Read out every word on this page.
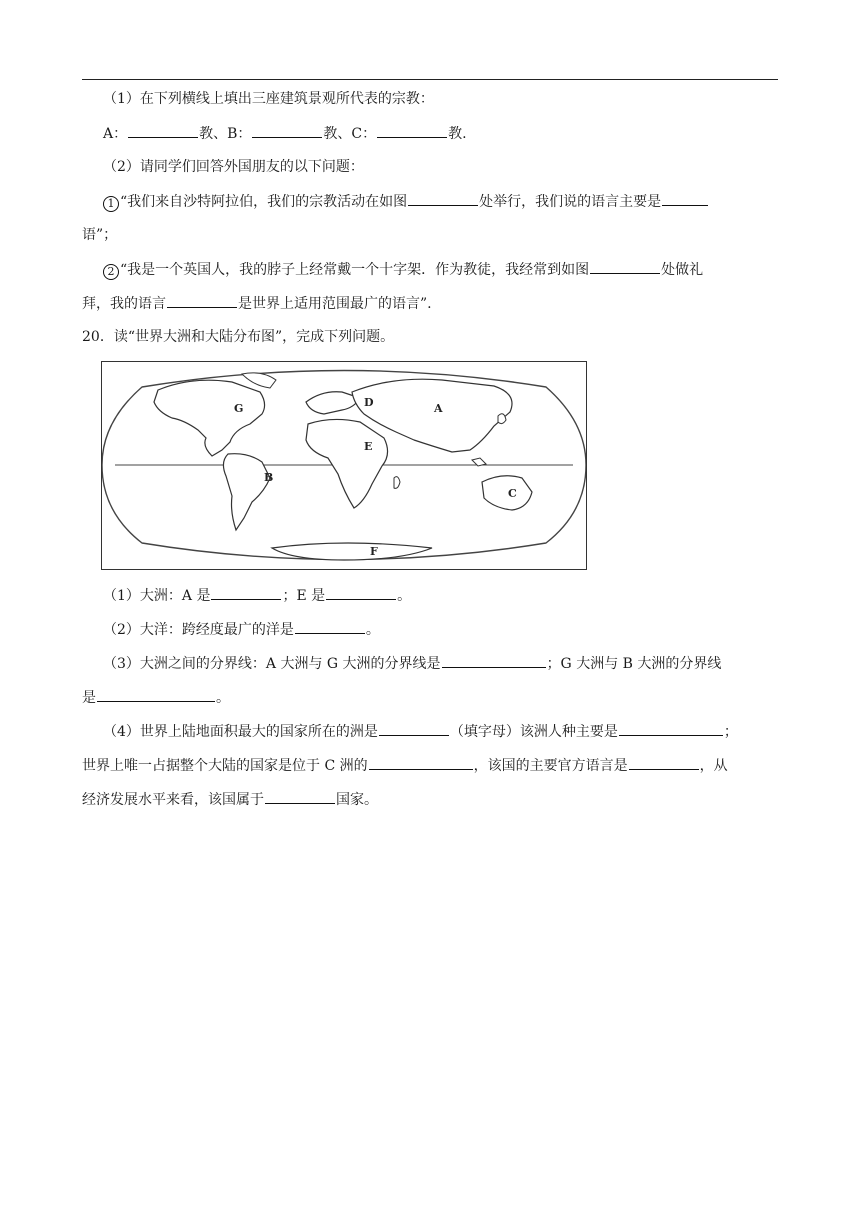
（1）在下列横线上填出三座建筑景观所代表的宗教：
A：	教、B：	教、C：	教.
（2）请同学们回答外国朋友的以下问题：
1 “我们来自沙特阿拉伯，我们的宗教活动在如图	处举行，我们说的语言主要是
语”；
2 “我是一个英国人，我的脖子上经常戴一个十字架．作为教徒，我经常到如图	处做礼
拜，我的语言	是世界上适用范围最广的语言”.
20．读“世界大洲和大陆分布图”，完成下列问题。
G	D	A
E
B
C
F
（1）大洲：A 是	；E 是	。
（2）大洋：跨经度最广的洋是	。
（3）大洲之间的分界线：A 大洲与 G 大洲的分界线是	；G 大洲与 B 大洲的分界线
是	。
（4）世界上陆地面积最大的国家所在的洲是	（填字母）该洲人种主要是	；
世界上唯一占据整个大陆的国家是位于 C 洲的	，该国的主要官方语言是	，从
经济发展水平来看，该国属于	国家。
